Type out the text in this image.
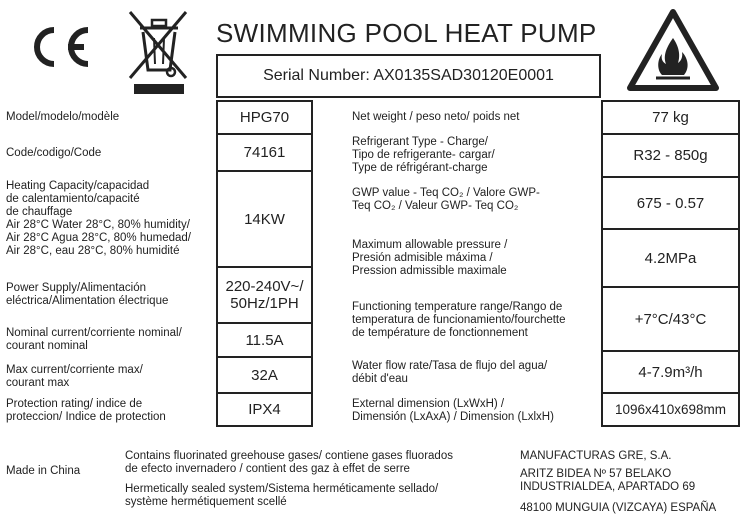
SWIMMING POOL HEAT PUMP
Serial Number: AX0135SAD30120E0001
Model/modelo/modèle
Code/codigo/Code
Heating Capacity/capacidad
de calentamiento/capacité
de chauffage
Air 28°C Water 28°C, 80% humidity/
Air 28°C Agua 28°C, 80% humedad/
Air 28°C, eau 28°C, 80% humidité
Power Supply/Alimentación
eléctrica/Alimentation électrique
Nominal current/corriente nominal/
courant nominal
Max current/corriente max/
courant max
Protection rating/ indice de
proteccion/ Indice de protection
HPG70
74161
14KW
220-240V~/
50Hz/1PH
11.5A
32A
IPX4
Net weight / peso neto/ poids net
Refrigerant Type - Charge/
Tipo de refrigerante- cargar/
Type de réfrigérant-charge
GWP value - Teq CO₂ / Valore GWP-
Teq CO₂ / Valeur GWP- Teq CO₂
Maximum allowable pressure /
Presión admisible máxima /
Pression admissible maximale
Functioning temperature range/Rango de
temperatura de funcionamiento/fourchette
de température de fonctionnement
Water flow rate/Tasa de flujo del agua/
débit d'eau
External dimension (LxWxH) /
Dimensión (LxAxA) / Dimension (LxlxH)
77 kg
R32 - 850g
675 - 0.57
4.2MPa
+7°C/43°C
4-7.9m³/h
1096x410x698mm
Made in China
Contains fluorinated greehouse gases/ contiene gases fluorados
de efecto invernadero / contient des gaz à effet de serre
Hermetically sealed system/Sistema herméticamente sellado/
système hermétiquement scellé
MANUFACTURAS GRE, S.A.
ARITZ BIDEA Nº 57 BELAKO
INDUSTRIALDEA, APARTADO 69
48100 MUNGUIA (VIZCAYA) ESPAÑA
